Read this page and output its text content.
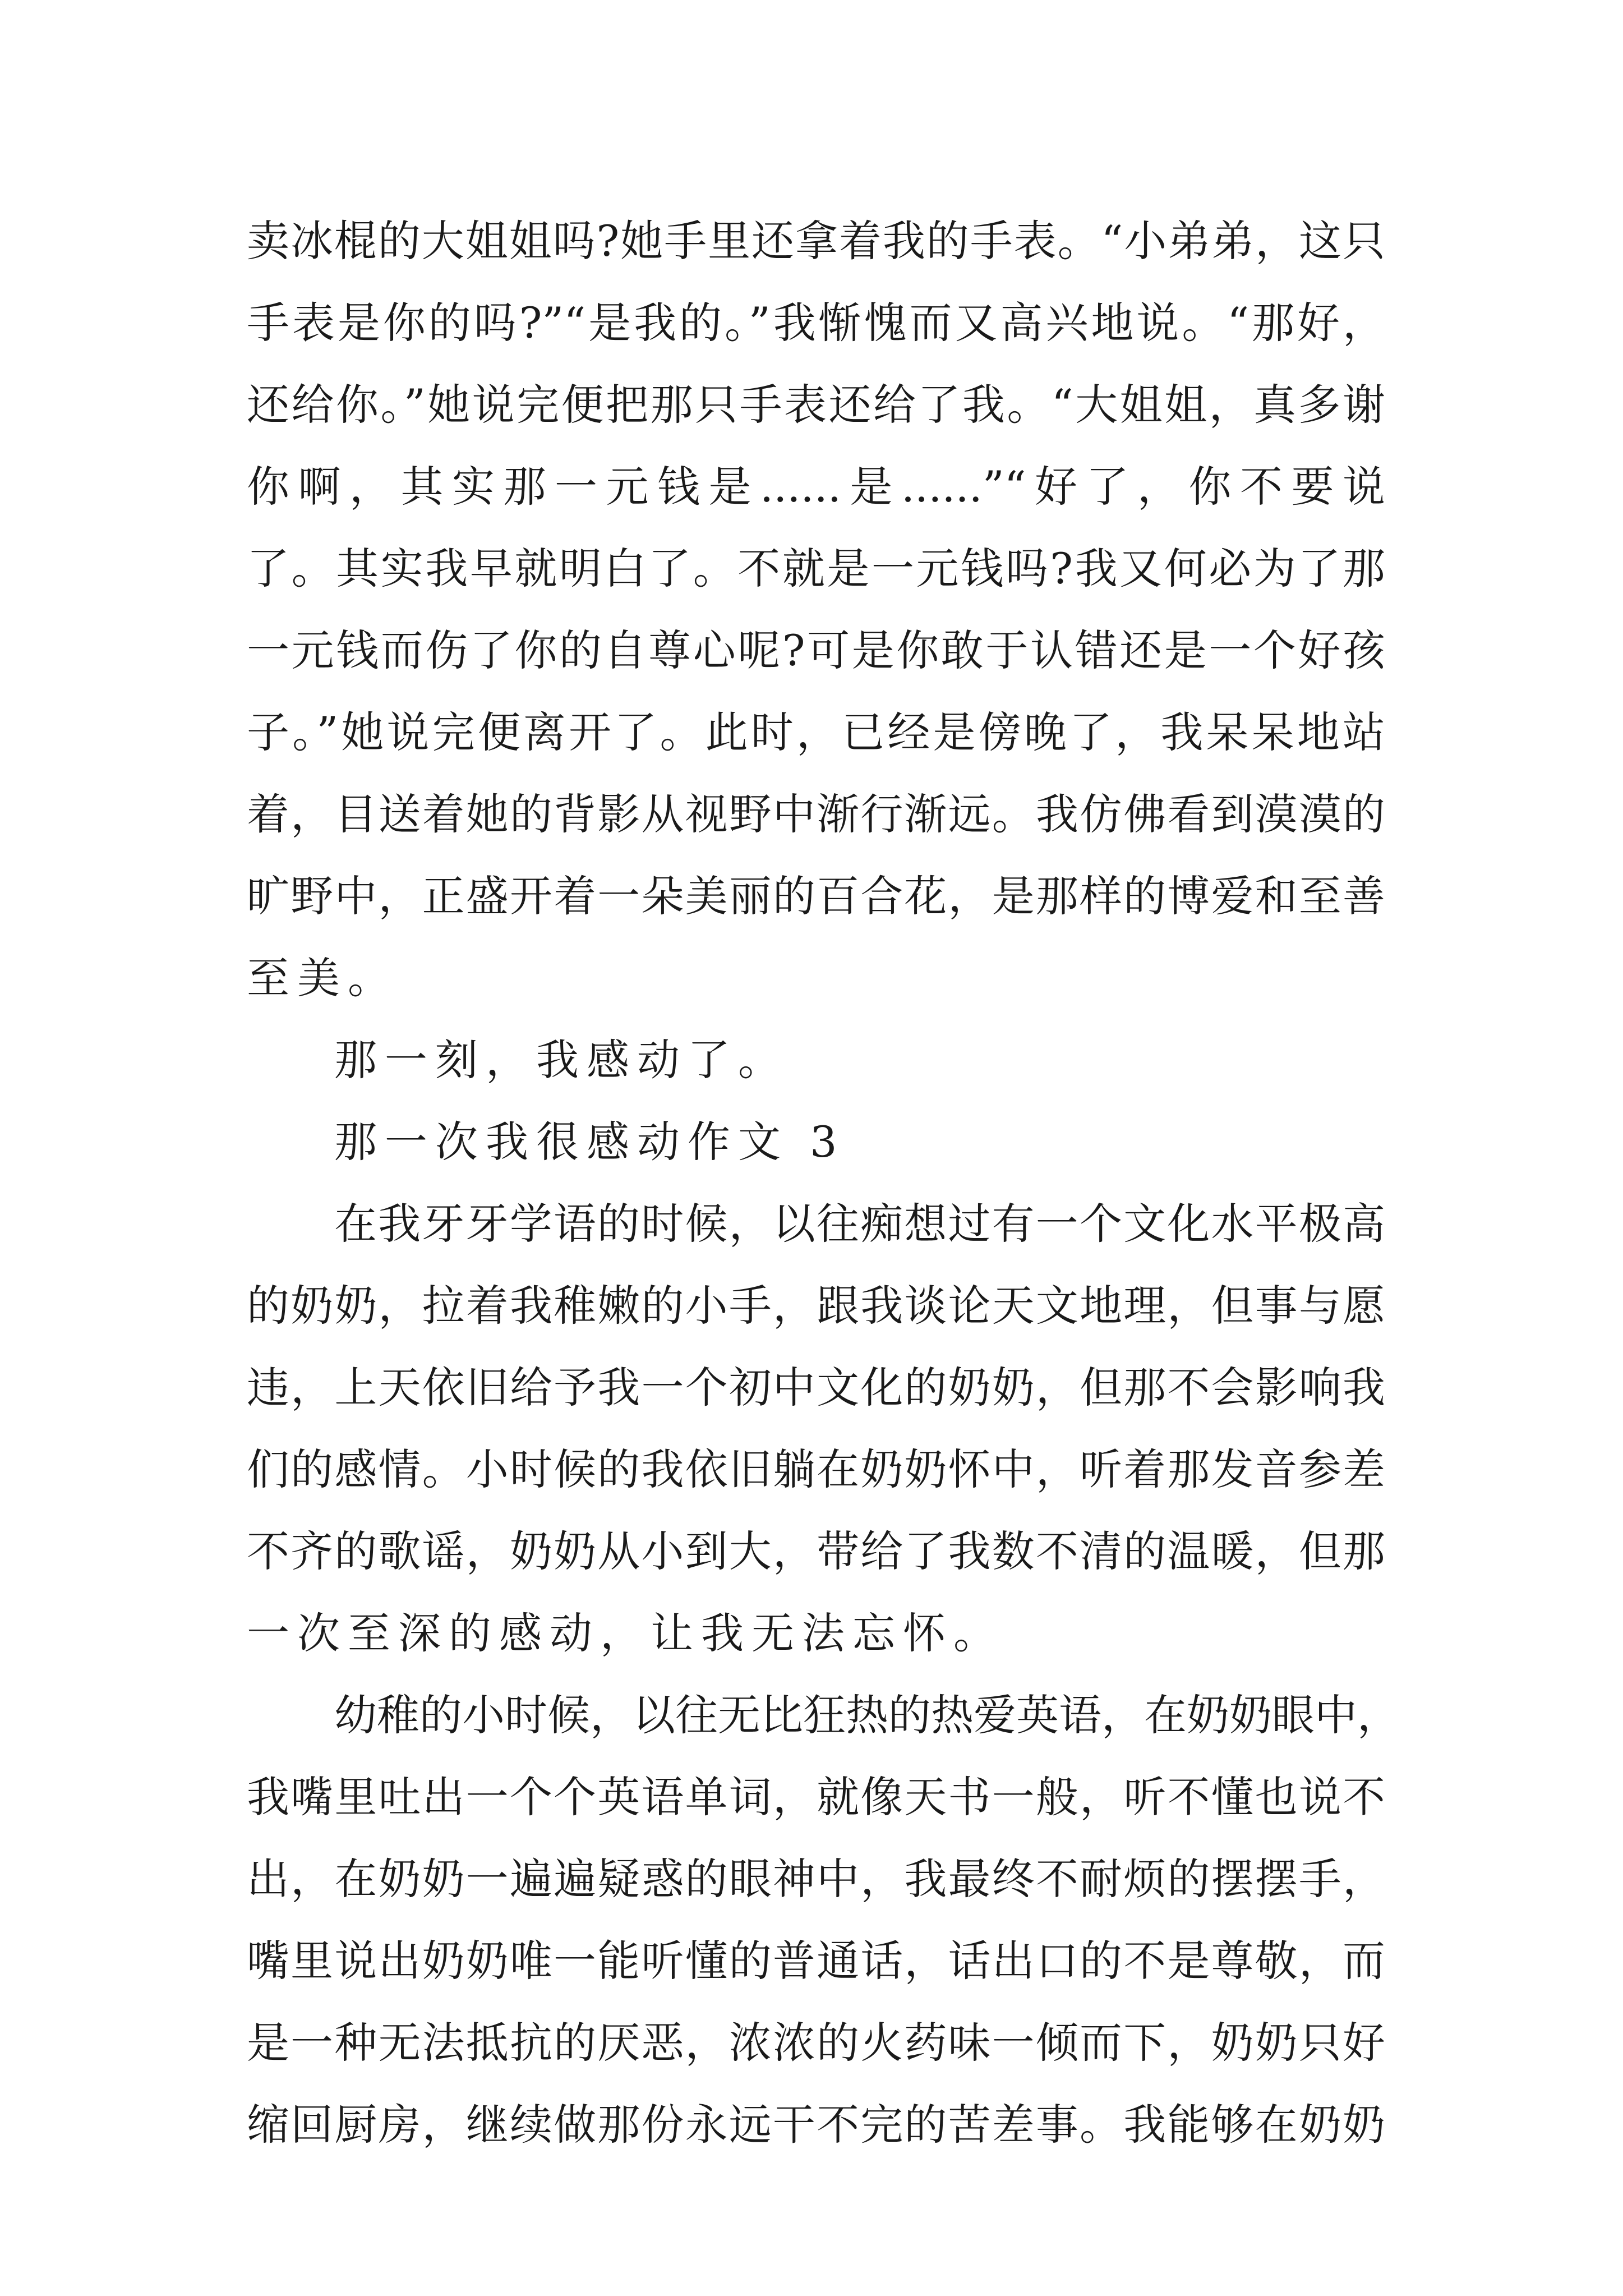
卖冰棍的大姐姐吗?她手里还拿着我的手表。“小弟弟，这只
手表是你的吗?”“是我的。”我惭愧而又高兴地说。“那好，
还给你。”她说完便把那只手表还给了我。“大姐姐，真多谢
你啊，其实那一元钱是......是......”“好了，你不要说
了。其实我早就明白了。不就是一元钱吗?我又何必为了那
一元钱而伤了你的自尊心呢?可是你敢于认错还是一个好孩
子。”她说完便离开了。此时，已经是傍晚了，我呆呆地站
着，目送着她的背影从视野中渐行渐远。我仿佛看到漠漠的
旷野中，正盛开着一朵美丽的百合花，是那样的博爱和至善
至美。
那一刻，我感动了。
那一次我很感动作文 3
在我牙牙学语的时候，以往痴想过有一个文化水平极高
的奶奶，拉着我稚嫩的小手，跟我谈论天文地理，但事与愿
违，上天依旧给予我一个初中文化的奶奶，但那不会影响我
们的感情。小时候的我依旧躺在奶奶怀中，听着那发音参差
不齐的歌谣，奶奶从小到大，带给了我数不清的温暖，但那
一次至深的感动，让我无法忘怀。
幼稚的小时候，以往无比狂热的热爱英语，在奶奶眼中，
我嘴里吐出一个个英语单词，就像天书一般，听不懂也说不
出，在奶奶一遍遍疑惑的眼神中，我最终不耐烦的摆摆手，
嘴里说出奶奶唯一能听懂的普通话，话出口的不是尊敬，而
是一种无法抵抗的厌恶，浓浓的火药味一倾而下，奶奶只好
缩回厨房，继续做那份永远干不完的苦差事。我能够在奶奶
